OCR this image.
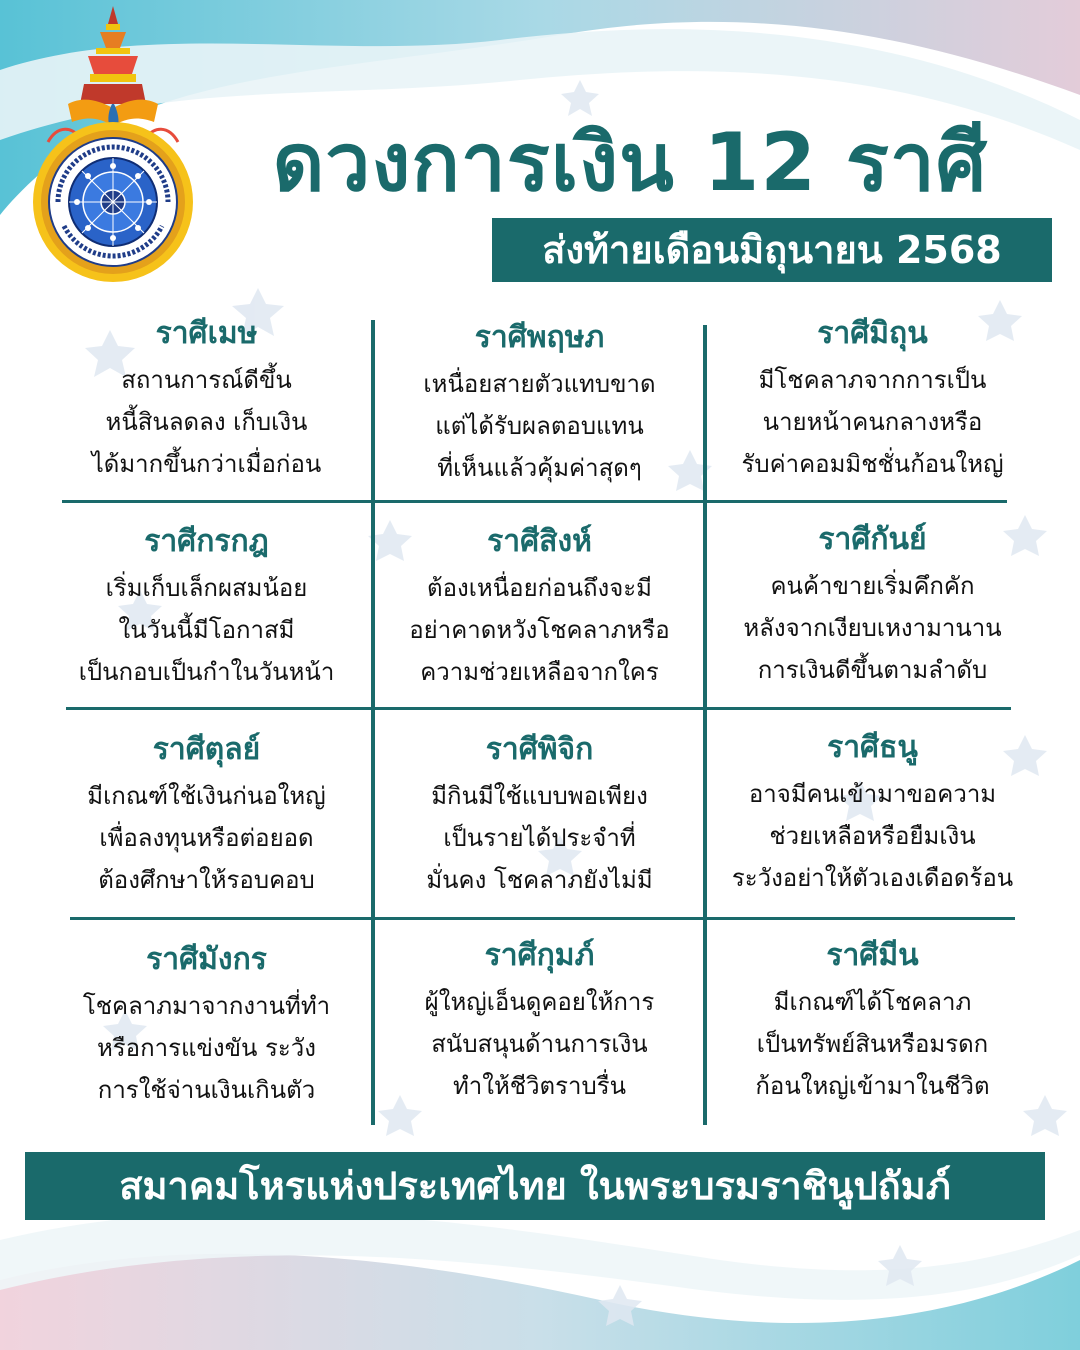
ดวงการเงิน 12 ราศี
ส่งท้ายเดือนมิถุนายน 2568
ราศีเมษ
สถานการณ์ดีขึ้น
หนี้สินลดลง เก็บเงิน
ได้มากขึ้นกว่าเมื่อก่อน
ราศีพฤษภ
เหนื่อยสายตัวแทบขาด
แต่ได้รับผลตอบแทน
ที่เห็นแล้วคุ้มค่าสุดๆ
ราศีมิถุน
มีโชคลาภจากการเป็น
นายหน้าคนกลางหรือ
รับค่าคอมมิชชั่นก้อนใหญ่
ราศีกรกฎ
เริ่มเก็บเล็กผสมน้อย
ในวันนี้มีโอกาสมี
เป็นกอบเป็นกำในวันหน้า
ราศีสิงห์
ต้องเหนื่อยก่อนถึงจะมี
อย่าคาดหวังโชคลาภหรือ
ความช่วยเหลือจากใคร
ราศีกันย์
คนค้าขายเริ่มคึกคัก
หลังจากเงียบเหงามานาน
การเงินดีขึ้นตามลำดับ
ราศีตุลย์
มีเกณฑ์ใช้เงินก่นอใหญ่
เพื่อลงทุนหรือต่อยอด
ต้องศึกษาให้รอบคอบ
ราศีพิจิก
มีกินมีใช้แบบพอเพียง
เป็นรายได้ประจำที่
มั่นคง โชคลาภยังไม่มี
ราศีธนู
อาจมีคนเข้ามาขอความ
ช่วยเหลือหรือยืมเงิน
ระวังอย่าให้ตัวเองเดือดร้อน
ราศีมังกร
โชคลาภมาจากงานที่ทำ
หรือการแข่งขัน ระวัง
การใช้จ่านเงินเกินตัว
ราศีกุมภ์
ผู้ใหญ่เอ็นดูคอยให้การ
สนับสนุนด้านการเงิน
ทำให้ชีวิตราบรื่น
ราศีมีน
มีเกณฑ์ได้โชคลาภ
เป็นทรัพย์สินหรือมรดก
ก้อนใหญ่เข้ามาในชีวิต
สมาคมโหรแห่งประเทศไทย ในพระบรมราชินูปถัมภ์
